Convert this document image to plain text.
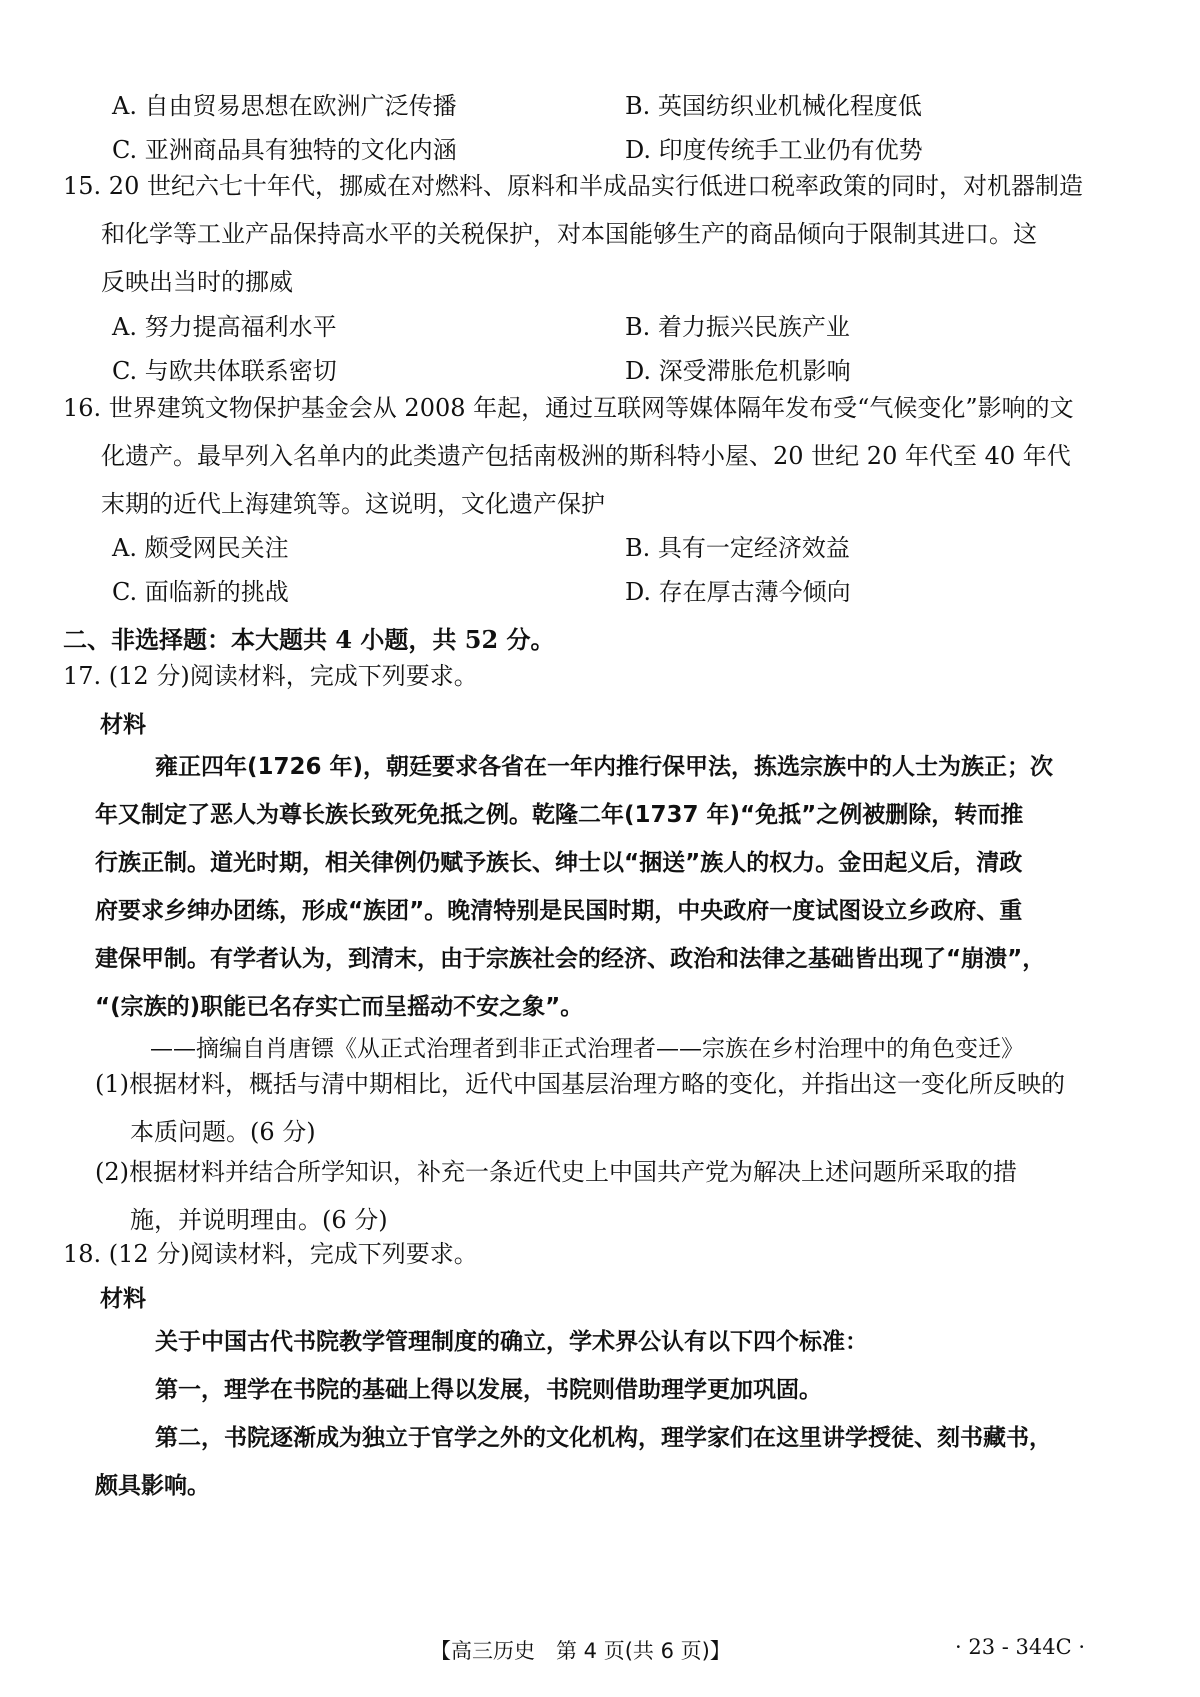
A. 自由贸易思想在欧洲广泛传播	B. 英国纺织业机械化程度低
C. 亚洲商品具有独特的文化内涵	D. 印度传统手工业仍有优势
15. 20 世纪六七十年代，挪威在对燃料、原料和半成品实行低进口税率政策的同时，对机器制造
和化学等工业产品保持高水平的关税保护，对本国能够生产的商品倾向于限制其进口。这
反映出当时的挪威
A. 努力提高福利水平	B. 着力振兴民族产业
C. 与欧共体联系密切	D. 深受滞胀危机影响
16. 世界建筑文物保护基金会从 2008 年起，通过互联网等媒体隔年发布受“气候变化”影响的文
化遗产。最早列入名单内的此类遗产包括南极洲的斯科特小屋、20 世纪 20 年代至 40 年代
末期的近代上海建筑等。这说明，文化遗产保护
A. 颇受网民关注	B. 具有一定经济效益
C. 面临新的挑战	D. 存在厚古薄今倾向
二、非选择题：本大题共 4 小题，共 52 分。
17. (12 分)阅读材料，完成下列要求。
材料
雍正四年(1726 年)，朝廷要求各省在一年内推行保甲法，拣选宗族中的人士为族正；次
年又制定了恶人为尊长族长致死免抵之例。乾隆二年(1737 年)“免抵”之例被删除，转而推
行族正制。道光时期，相关律例仍赋予族长、绅士以“捆送”族人的权力。金田起义后，清政
府要求乡绅办团练，形成“族团”。晚清特别是民国时期，中央政府一度试图设立乡政府、重
建保甲制。有学者认为，到清末，由于宗族社会的经济、政治和法律之基础皆出现了“崩溃”，
“(宗族的)职能已名存实亡而呈摇动不安之象”。
——摘编自肖唐镖《从正式治理者到非正式治理者——宗族在乡村治理中的角色变迁》
(1)根据材料，概括与清中期相比，近代中国基层治理方略的变化，并指出这一变化所反映的
本质问题。(6 分)
(2)根据材料并结合所学知识，补充一条近代史上中国共产党为解决上述问题所采取的措
施，并说明理由。(6 分)
18. (12 分)阅读材料，完成下列要求。
材料
关于中国古代书院教学管理制度的确立，学术界公认有以下四个标准：
第一，理学在书院的基础上得以发展，书院则借助理学更加巩固。
第二，书院逐渐成为独立于官学之外的文化机构，理学家们在这里讲学授徒、刻书藏书，
颇具影响。
【高三历史　第 4 页(共 6 页)】	· 23 - 344C ·
